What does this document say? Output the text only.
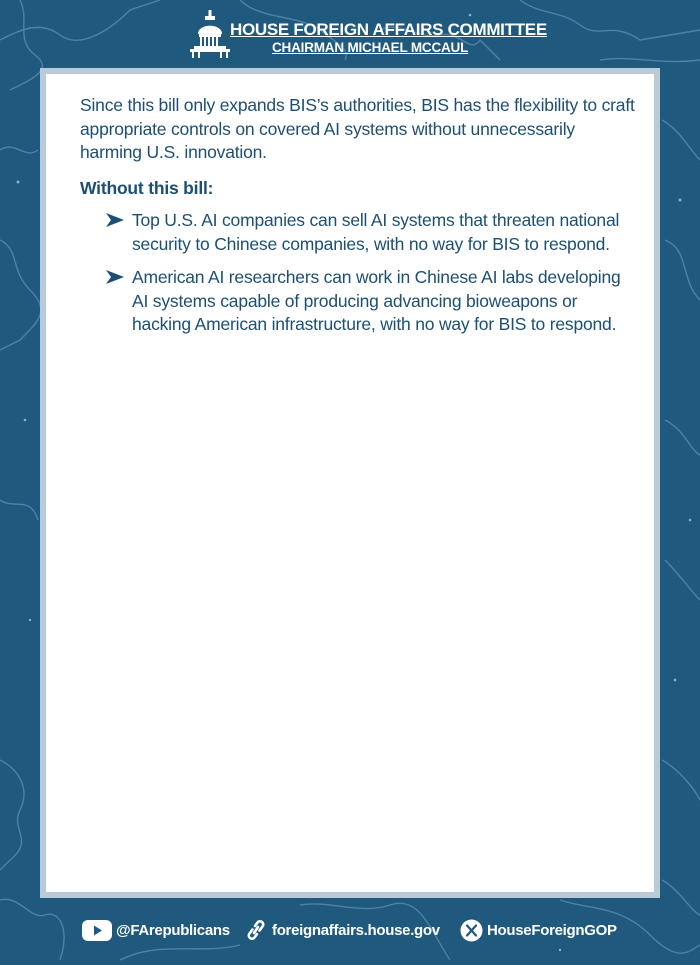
HOUSE FOREIGN AFFAIRS COMMITTEE
CHAIRMAN MICHAEL MCCAUL

Since this bill only expands BIS’s authorities, BIS has the flexibility to craft appropriate controls on covered AI systems without unnecessarily harming U.S. innovation.

Without this bill:

Top U.S. AI companies can sell AI systems that threaten national security to Chinese companies, with no way for BIS to respond.
American AI researchers can work in Chinese AI labs developing AI systems capable of producing advancing bioweapons or hacking American infrastructure, with no way for BIS to respond.
@FArepublicans	foreignaffairs.house.gov	HouseForeignGOP
